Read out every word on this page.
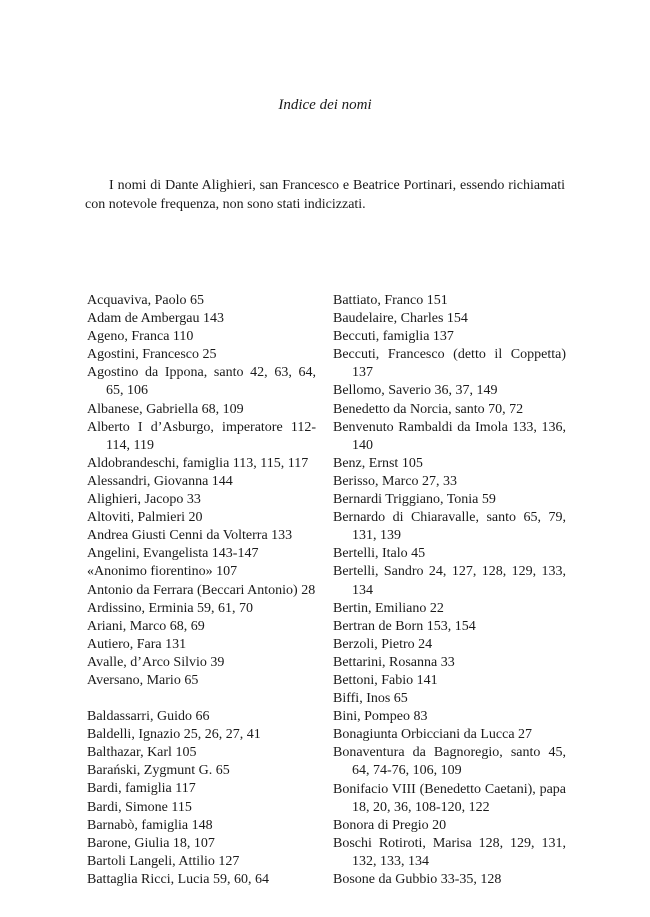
Indice dei nomi

I nomi di Dante Alighieri, san Francesco e Beatrice Portinari, essendo richiamati con notevole frequenza, non sono stati indicizzati.

Acquaviva, Paolo 65
Adam de Ambergau 143
Ageno, Franca 110
Agostini, Francesco 25
Agostino da Ippona, santo 42, 63, 64, 65, 106
Albanese, Gabriella 68, 109
Alberto I d’Asburgo, imperatore 112-114, 119
Aldobrandeschi, famiglia 113, 115, 117
Alessandri, Giovanna 144
Alighieri, Jacopo 33
Altoviti, Palmieri 20
Andrea Giusti Cenni da Volterra 133
Angelini, Evangelista 143-147
«Anonimo fiorentino» 107
Antonio da Ferrara (Beccari Antonio) 28
Ardissino, Erminia 59, 61, 70
Ariani, Marco 68, 69
Autiero, Fara 131
Avalle, d’Arco Silvio 39
Aversano, Mario 65
Baldassarri, Guido 66
Baldelli, Ignazio 25, 26, 27, 41
Balthazar, Karl 105
Barański, Zygmunt G. 65
Bardi, famiglia 117
Bardi, Simone 115
Barnabò, famiglia 148
Barone, Giulia 18, 107
Bartoli Langeli, Attilio 127
Battaglia Ricci, Lucia 59, 60, 64
Battiato, Franco 151
Baudelaire, Charles 154
Beccuti, famiglia 137
Beccuti, Francesco (detto il Coppetta) 137
Bellomo, Saverio 36, 37, 149
Benedetto da Norcia, santo 70, 72
Benvenuto Rambaldi da Imola 133, 136, 140
Benz, Ernst 105
Berisso, Marco 27, 33
Bernardi Triggiano, Tonia 59
Bernardo di Chiaravalle, santo 65, 79, 131, 139
Bertelli, Italo 45
Bertelli, Sandro 24, 127, 128, 129, 133, 134
Bertin, Emiliano 22
Bertran de Born 153, 154
Berzoli, Pietro 24
Bettarini, Rosanna 33
Bettoni, Fabio 141
Biffi, Inos 65
Bini, Pompeo 83
Bonagiunta Orbicciani da Lucca 27
Bonaventura da Bagnoregio, santo 45, 64, 74-76, 106, 109
Bonifacio VIII (Benedetto Caetani), papa 18, 20, 36, 108-120, 122
Bonora di Pregio 20
Boschi Rotiroti, Marisa 128, 129, 131, 132, 133, 134
Bosone da Gubbio 33-35, 128
